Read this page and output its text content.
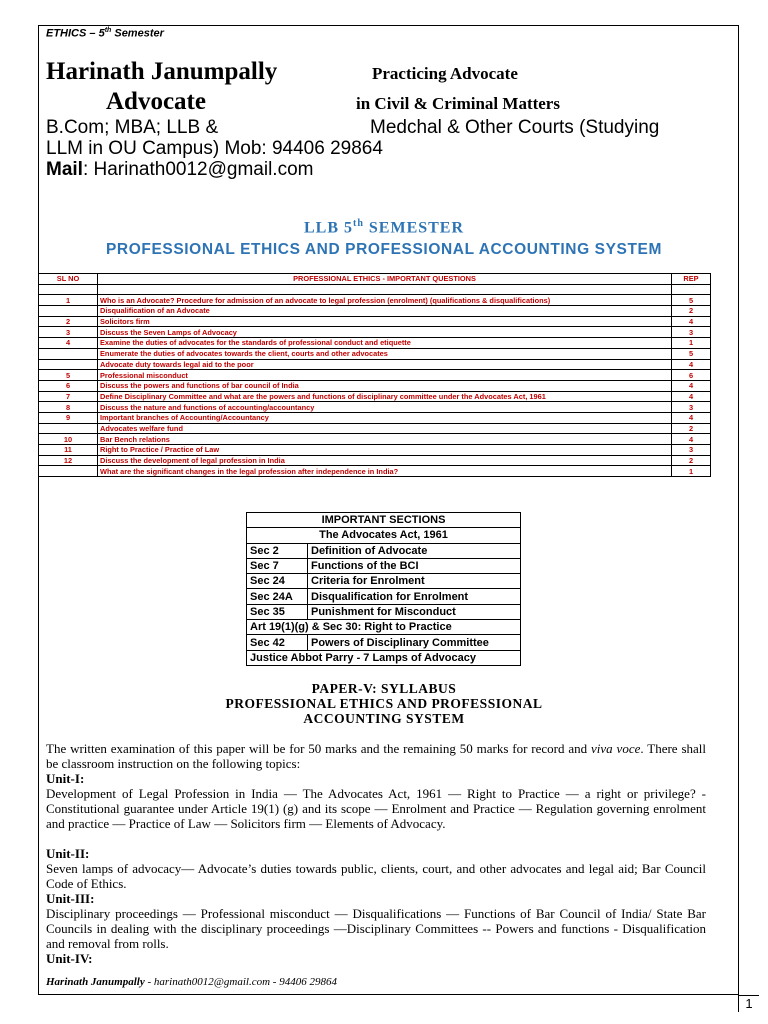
ETHICS – 5th Semester
Harinath Janumpally	Practicing Advocate
Advocate	in Civil & Criminal Matters
B.Com; MBA; LLB &	Medchal & Other Courts (Studying
LLM in OU Campus) Mob: 94406 29864
Mail: Harinath0012@gmail.com
LLB 5th SEMESTER
PROFESSIONAL ETHICS AND PROFESSIONAL ACCOUNTING SYSTEM
SL NO	PROFESSIONAL ETHICS - IMPORTANT QUESTIONS	REP

1	Who is an Advocate? Procedure for admission of an advocate to legal profession (enrolment) (qualifications & disqualifications)	5
	Disqualification of an Advocate	2
2	Solicitors firm	4
3	Discuss the Seven Lamps of Advocacy	3
4	Examine the duties of advocates for the standards of professional conduct and etiquette	1
	Enumerate the duties of advocates towards the client, courts and other advocates	5
	Advocate duty towards legal aid to the poor	4
5	Professional misconduct	6
6	Discuss the powers and functions of bar council of India	4
7	Define Disciplinary Committee and what are the powers and functions of disciplinary committee under the Advocates Act, 1961	4
8	Discuss the nature and functions of accounting/accountancy	3
9	Important branches of Accounting/Accountancy	4
	Advocates welfare fund	2
10	Bar Bench relations	4
11	Right to Practice / Practice of Law	3
12	Discuss the development of legal profession in India	2
	What are the significant changes in the legal profession after independence in India?	1
IMPORTANT SECTIONS	
The Advocates Act, 1961	
Sec 2	Definition of Advocate
Sec 7	Functions of the BCI
Sec 24	Criteria for Enrolment
Sec 24A	Disqualification for Enrolment
Sec 35	Punishment for Misconduct
Art 19(1)(g) & Sec 30: Right to Practice	
Sec 42	Powers of Disciplinary Committee
Justice Abbot Parry - 7 Lamps of Advocacy	
PAPER-V: SYLLABUS
PROFESSIONAL ETHICS AND PROFESSIONAL
ACCOUNTING SYSTEM
The written examination of this paper will be for 50 marks and the remaining 50 marks for record and viva voce. There shall be classroom instruction on the following topics:
Unit-I:
Development of Legal Profession in India — The Advocates Act, 1961 — Right to Practice — a right or privilege? - Constitutional guarantee under Article 19(1) (g) and its scope — Enrolment and Practice — Regulation governing enrolment and practice — Practice of Law — Solicitors firm — Elements of Advocacy.
Unit-II:
Seven lamps of advocacy— Advocate’s duties towards public, clients, court, and other advocates and legal aid; Bar Council Code of Ethics.
Unit-III:
Disciplinary proceedings — Professional misconduct — Disqualifications — Functions of Bar Council of India/ State Bar Councils in dealing with the disciplinary proceedings —Disciplinary Committees -- Powers and functions - Disqualification and removal from rolls.
Unit-IV:
Harinath Janumpally - harinath0012@gmail.com - 94406 29864
1
